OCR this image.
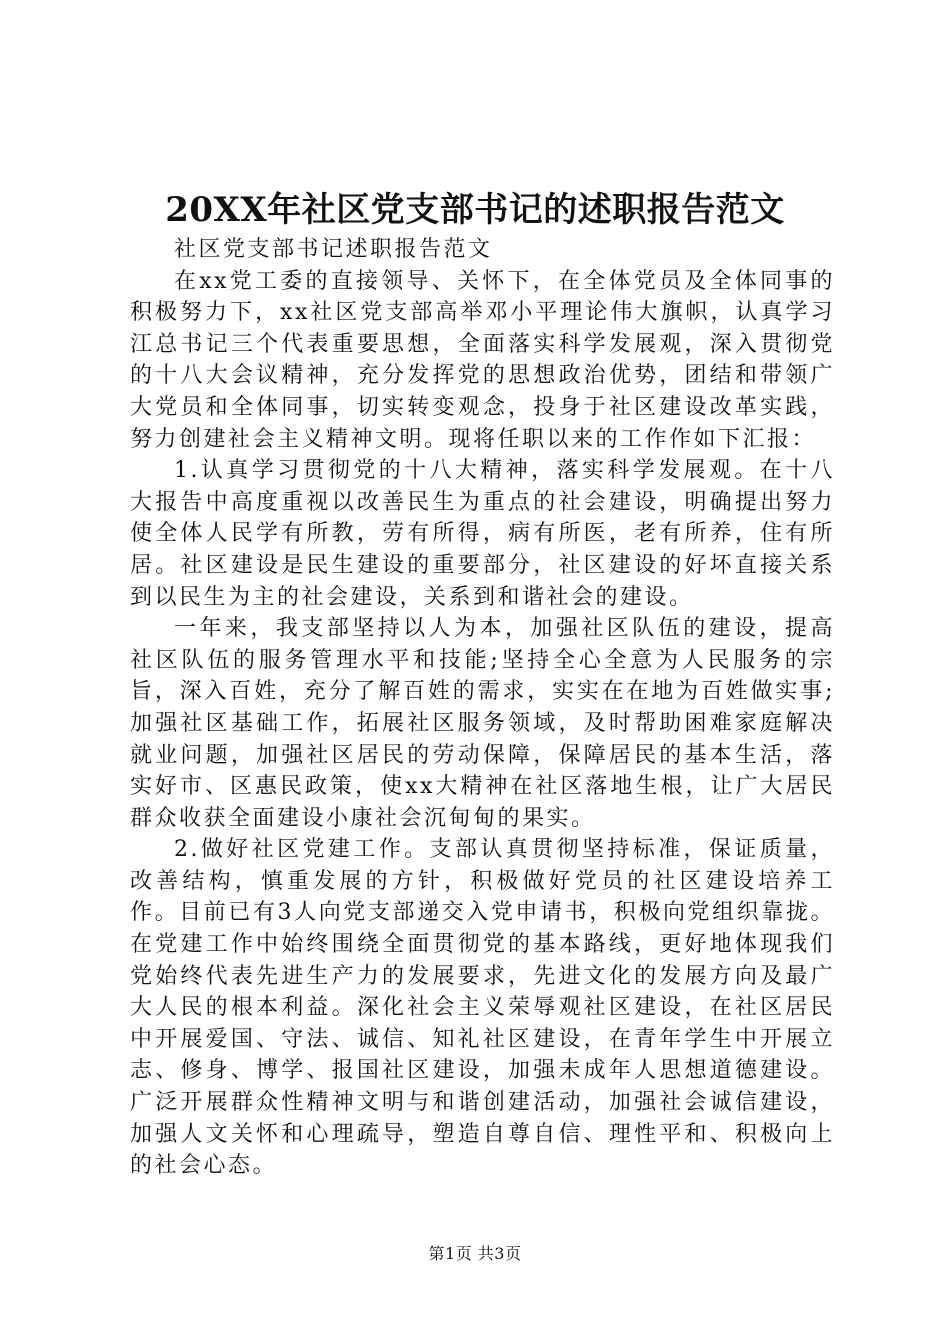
20XX年社区党支部书记的述职报告范文

社区党支部书记述职报告范文

在xx党工委的直接领导、关怀下，在全体党员及全体同事的积极努力下，xx社区党支部高举邓小平理论伟大旗帜，认真学习江总书记三个代表重要思想，全面落实科学发展观，深入贯彻党的十八大会议精神，充分发挥党的思想政治优势，团结和带领广大党员和全体同事，切实转变观念，投身于社区建设改革实践，努力创建社会主义精神文明。现将任职以来的工作作如下汇报：

1.认真学习贯彻党的十八大精神，落实科学发展观。在十八大报告中高度重视以改善民生为重点的社会建设，明确提出努力使全体人民学有所教，劳有所得，病有所医，老有所养，住有所居。社区建设是民生建设的重要部分，社区建设的好坏直接关系到以民生为主的社会建设，关系到和谐社会的建设。

一年来，我支部坚持以人为本，加强社区队伍的建设，提高社区队伍的服务管理水平和技能;坚持全心全意为人民服务的宗旨，深入百姓，充分了解百姓的需求，实实在在地为百姓做实事;加强社区基础工作，拓展社区服务领域，及时帮助困难家庭解决就业问题，加强社区居民的劳动保障，保障居民的基本生活，落实好市、区惠民政策，使xx大精神在社区落地生根，让广大居民群众收获全面建设小康社会沉甸甸的果实。

2.做好社区党建工作。支部认真贯彻坚持标准，保证质量，改善结构，慎重发展的方针，积极做好党员的社区建设培养工作。目前已有3人向党支部递交入党申请书，积极向党组织靠拢。在党建工作中始终围绕全面贯彻党的基本路线，更好地体现我们党始终代表先进生产力的发展要求，先进文化的发展方向及最广大人民的根本利益。深化社会主义荣辱观社区建设，在社区居民中开展爱国、守法、诚信、知礼社区建设，在青年学生中开展立志、修身、博学、报国社区建设，加强未成年人思想道德建设。广泛开展群众性精神文明与和谐创建活动，加强社会诚信建设，加强人文关怀和心理疏导，塑造自尊自信、理性平和、积极向上的社会心态。

第1页 共3页
